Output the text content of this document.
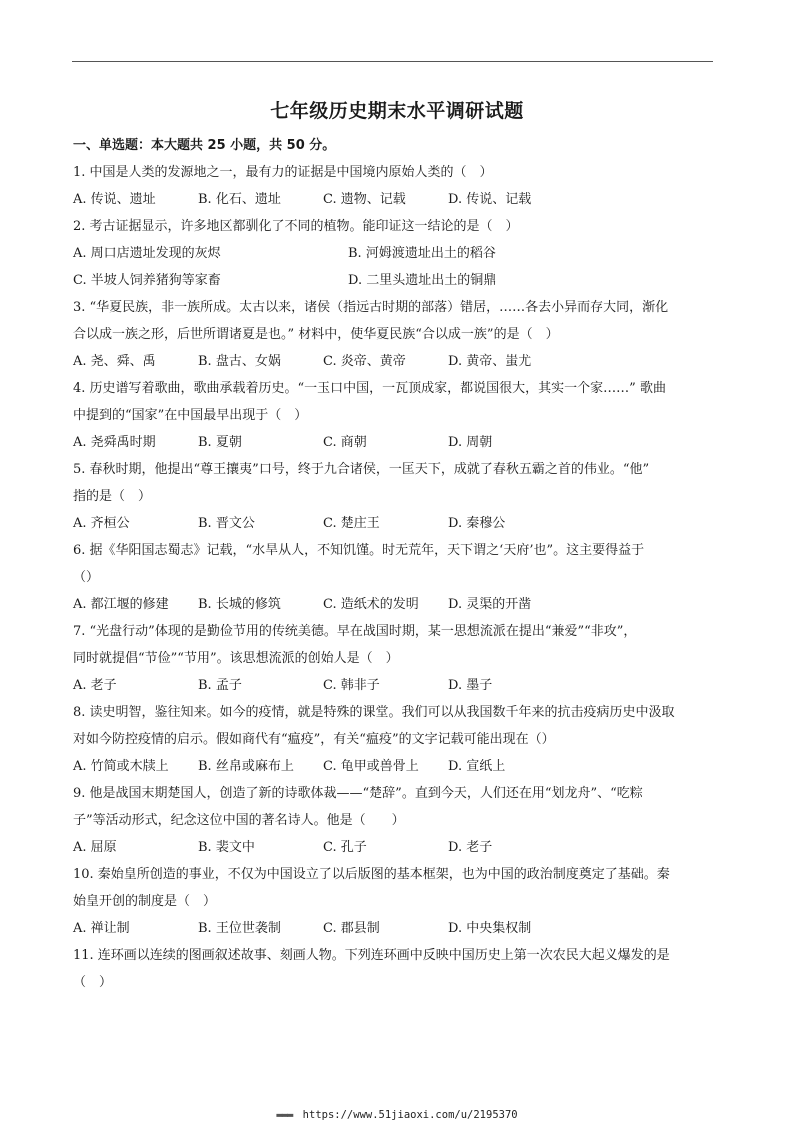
七年级历史期末水平调研试题
一、单选题：本大题共 25 小题，共 50 分。
1. 中国是人类的发源地之一，最有力的证据是中国境内原始人类的（　）
A. 传说、遗址	B. 化石、遗址	C. 遗物、记载	D. 传说、记载
2. 考古证据显示，许多地区都驯化了不同的植物。能印证这一结论的是（　）
A. 周口店遗址发现的灰烬	B. 河姆渡遗址出土的稻谷
C. 半坡人饲养猪狗等家畜	D. 二里头遗址出土的铜鼎
3. “华夏民族，非一族所成。太古以来，诸侯（指远古时期的部落）错居，……各去小异而存大同，渐化
合以成一族之形，后世所谓诸夏是也。” 材料中，使华夏民族“合以成一族”的是（　）
A. 尧、舜、禹	B. 盘古、女娲	C. 炎帝、黄帝	D. 黄帝、蚩尤
4. 历史谱写着歌曲，歌曲承载着历史。“一玉口中国，一瓦顶成家，都说国很大，其实一个家……” 歌曲
中提到的“国家”在中国最早出现于（　）
A. 尧舜禹时期	B. 夏朝	C. 商朝	D. 周朝
5. 春秋时期，他提出“尊王攘夷”口号，终于九合诸侯，一匡天下，成就了春秋五霸之首的伟业。“他”
指的是（　）
A. 齐桓公	B. 晋文公	C. 楚庄王	D. 秦穆公
6. 据《华阳国志蜀志》记载，“水旱从人，不知饥馑。时无荒年，天下谓之‘天府’也”。这主要得益于
（）
A. 都江堰的修建	B. 长城的修筑	C. 造纸术的发明	D. 灵渠的开凿
7. “光盘行动”体现的是勤俭节用的传统美德。早在战国时期，某一思想流派在提出“兼爱”“非攻”，
同时就提倡“节俭”“节用”。该思想流派的创始人是（　）
A. 老子	B. 孟子	C. 韩非子	D. 墨子
8. 读史明智，鉴往知来。如今的疫情，就是特殊的课堂。我们可以从我国数千年来的抗击疫病历史中汲取
对如今防控疫情的启示。假如商代有“瘟疫”，有关“瘟疫”的文字记载可能出现在（）
A. 竹简或木牍上	B. 丝帛或麻布上	C. 龟甲或兽骨上	D. 宣纸上
9. 他是战国末期楚国人，创造了新的诗歌体裁——“楚辞”。直到今天，人们还在用“划龙舟”、“吃粽
子”等活动形式，纪念这位中国的著名诗人。他是（　　）
A. 屈原	B. 裴文中	C. 孔子	D. 老子
10. 秦始皇所创造的事业，不仅为中国设立了以后版图的基本框架，也为中国的政治制度奠定了基础。秦
始皇开创的制度是（　）
A. 禅让制	B. 王位世袭制	C. 郡县制	D. 中央集权制
11. 连环画以连续的图画叙述故事、刻画人物。下列连环画中反映中国历史上第一次农民大起义爆发的是
（　）
▬▬▬ https://www.51jiaoxi.com/u/2195370
